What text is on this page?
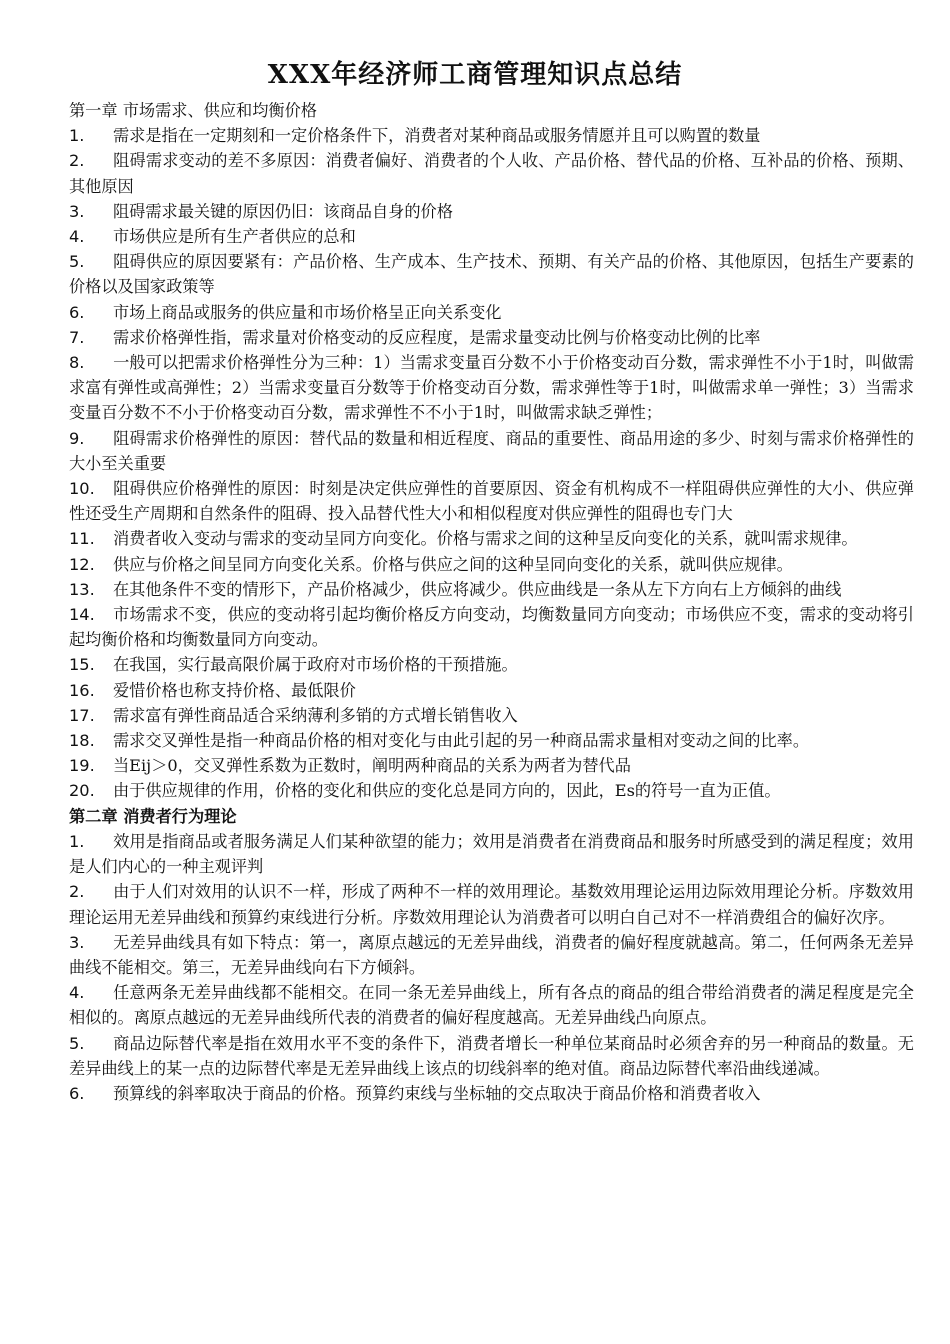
XXX年经济师工商管理知识点总结

第一章 市场需求、供应和均衡价格

1. 需求是指在一定期刻和一定价格条件下，消费者对某种商品或服务情愿并且可以购置的数量

2. 阻碍需求变动的差不多原因：消费者偏好、消费者的个人收、产品价格、替代品的价格、互补品的价格、预期、其他原因

3. 阻碍需求最关键的原因仍旧：该商品自身的价格

4. 市场供应是所有生产者供应的总和

5. 阻碍供应的原因要紧有：产品价格、生产成本、生产技术、预期、有关产品的价格、其他原因，包括生产要素的价格以及国家政策等

6. 市场上商品或服务的供应量和市场价格呈正向关系变化

7. 需求价格弹性指，需求量对价格变动的反应程度，是需求量变动比例与价格变动比例的比率

8. 一般可以把需求价格弹性分为三种：1）当需求变量百分数不小于价格变动百分数，需求弹性不小于1时，叫做需求富有弹性或高弹性；2）当需求变量百分数等于价格变动百分数，需求弹性等于1时，叫做需求单一弹性；3）当需求变量百分数不不小于价格变动百分数，需求弹性不不小于1时，叫做需求缺乏弹性；

9. 阻碍需求价格弹性的原因：替代品的数量和相近程度、商品的重要性、商品用途的多少、时刻与需求价格弹性的大小至关重要

10. 阻碍供应价格弹性的原因：时刻是决定供应弹性的首要原因、资金有机构成不一样阻碍供应弹性的大小、供应弹性还受生产周期和自然条件的阻碍、投入品替代性大小和相似程度对供应弹性的阻碍也专门大

11. 消费者收入变动与需求的变动呈同方向变化。价格与需求之间的这种呈反向变化的关系，就叫需求规律。

12. 供应与价格之间呈同方向变化关系。价格与供应之间的这种呈同向变化的关系，就叫供应规律。

13. 在其他条件不变的情形下，产品价格减少，供应将减少。供应曲线是一条从左下方向右上方倾斜的曲线

14. 市场需求不变，供应的变动将引起均衡价格反方向变动，均衡数量同方向变动；市场供应不变，需求的变动将引起均衡价格和均衡数量同方向变动。

15. 在我国，实行最高限价属于政府对市场价格的干预措施。

16. 爱惜价格也称支持价格、最低限价

17. 需求富有弹性商品适合采纳薄利多销的方式增长销售收入

18. 需求交叉弹性是指一种商品价格的相对变化与由此引起的另一种商品需求量相对变动之间的比率。

19. 当Eij＞0，交叉弹性系数为正数时，阐明两种商品的关系为两者为替代品

20. 由于供应规律的作用，价格的变化和供应的变化总是同方向的，因此，Es的符号一直为正值。

第二章 消费者行为理论

1. 效用是指商品或者服务满足人们某种欲望的能力；效用是消费者在消费商品和服务时所感受到的满足程度；效用是人们内心的一种主观评判

2. 由于人们对效用的认识不一样，形成了两种不一样的效用理论。基数效用理论运用边际效用理论分析。序数效用理论运用无差异曲线和预算约束线进行分析。序数效用理论认为消费者可以明白自己对不一样消费组合的偏好次序。

3. 无差异曲线具有如下特点：第一，离原点越远的无差异曲线，消费者的偏好程度就越高。第二，任何两条无差异曲线不能相交。第三，无差异曲线向右下方倾斜。

4. 任意两条无差异曲线都不能相交。在同一条无差异曲线上，所有各点的商品的组合带给消费者的满足程度是完全相似的。离原点越远的无差异曲线所代表的消费者的偏好程度越高。无差异曲线凸向原点。

5. 商品边际替代率是指在效用水平不变的条件下，消费者增长一种单位某商品时必须舍弃的另一种商品的数量。无差异曲线上的某一点的边际替代率是无差异曲线上该点的切线斜率的绝对值。商品边际替代率沿曲线递减。

6. 预算线的斜率取决于商品的价格。预算约束线与坐标轴的交点取决于商品价格和消费者收入
